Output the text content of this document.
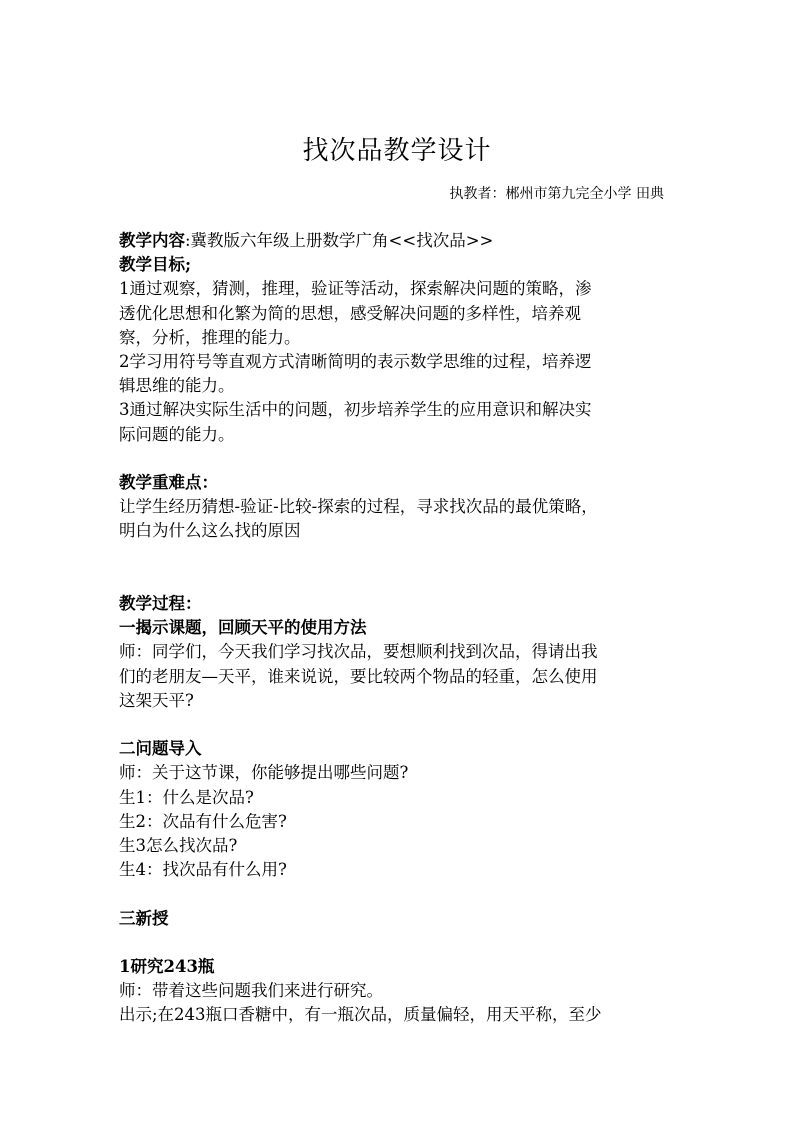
找次品教学设计
执教者：郴州市第九完全小学 田典

教学内容:冀教版六年级上册数学广角<<找次品>>

教学目标;

1通过观察，猜测，推理，验证等活动，探索解决问题的策略，渗

透优化思想和化繁为简的思想，感受解决问题的多样性，培养观

察，分析，推理的能力。

2学习用符号等直观方式清晰简明的表示数学思维的过程，培养逻

辑思维的能力。

3通过解决实际生活中的问题，初步培养学生的应用意识和解决实

际问题的能力。

教学重难点：

让学生经历猜想-验证-比较-探索的过程，寻求找次品的最优策略，

明白为什么这么找的原因

教学过程：

一揭示课题，回顾天平的使用方法

师：同学们，今天我们学习找次品，要想顺利找到次品，得请出我

们的老朋友—天平，谁来说说，要比较两个物品的轻重，怎么使用

这架天平?

二问题导入

师：关于这节课，你能够提出哪些问题?

生1：什么是次品?

生2：次品有什么危害?

生3怎么找次品?

生4：找次品有什么用?

三新授

1研究243瓶

师：带着这些问题我们来进行研究。

出示;在243瓶口香糖中，有一瓶次品，质量偏轻，用天平称，至少
